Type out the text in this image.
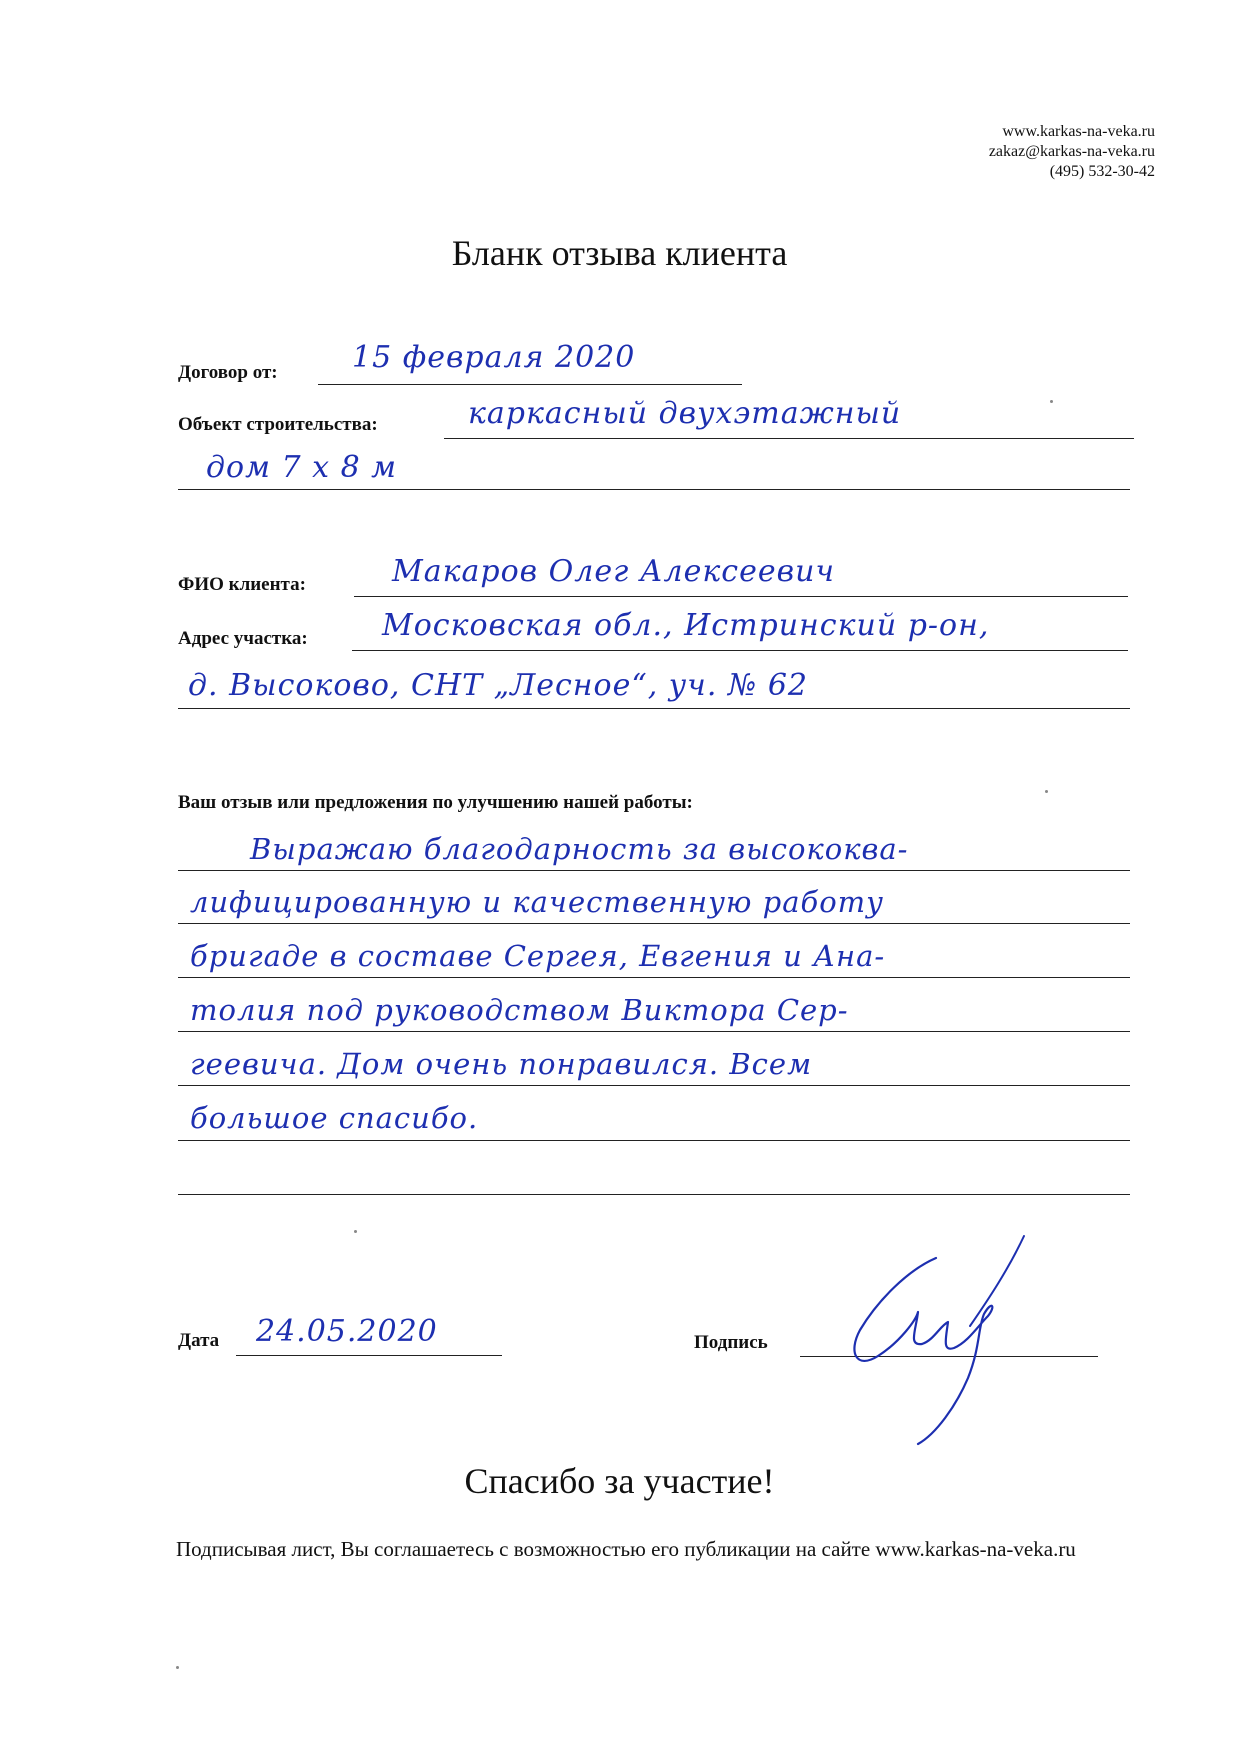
www.karkas-na-veka.ru
zakaz@karkas-na-veka.ru
(495) 532-30-42
Бланк отзыва клиента
Договор от: 15 февраля 2020
Объект строительства:	каркасный двухэтажный
дом 7 х 8 м
ФИО клиента:	Макаров Олег Алексеевич
Адрес участка: Московская обл., Истринский р-он,
д. Высоково, СНТ „Лесное“, уч. № 62
Ваш отзыв или предложения по улучшению нашей работы:
Выражаю благодарность за высококва-
лифицированную и качественную работу
бригаде в составе Сергея, Евгения и Ана-
толия под руководством Виктора Сер-
геевича. Дом очень понравился. Всем
большое спасибо.
Дата 24.05.2020	Подпись
Спасибо за участие!
Подписывая лист, Вы соглашаетесь с возможностью его публикации на сайте www.karkas-na-veka.ru
